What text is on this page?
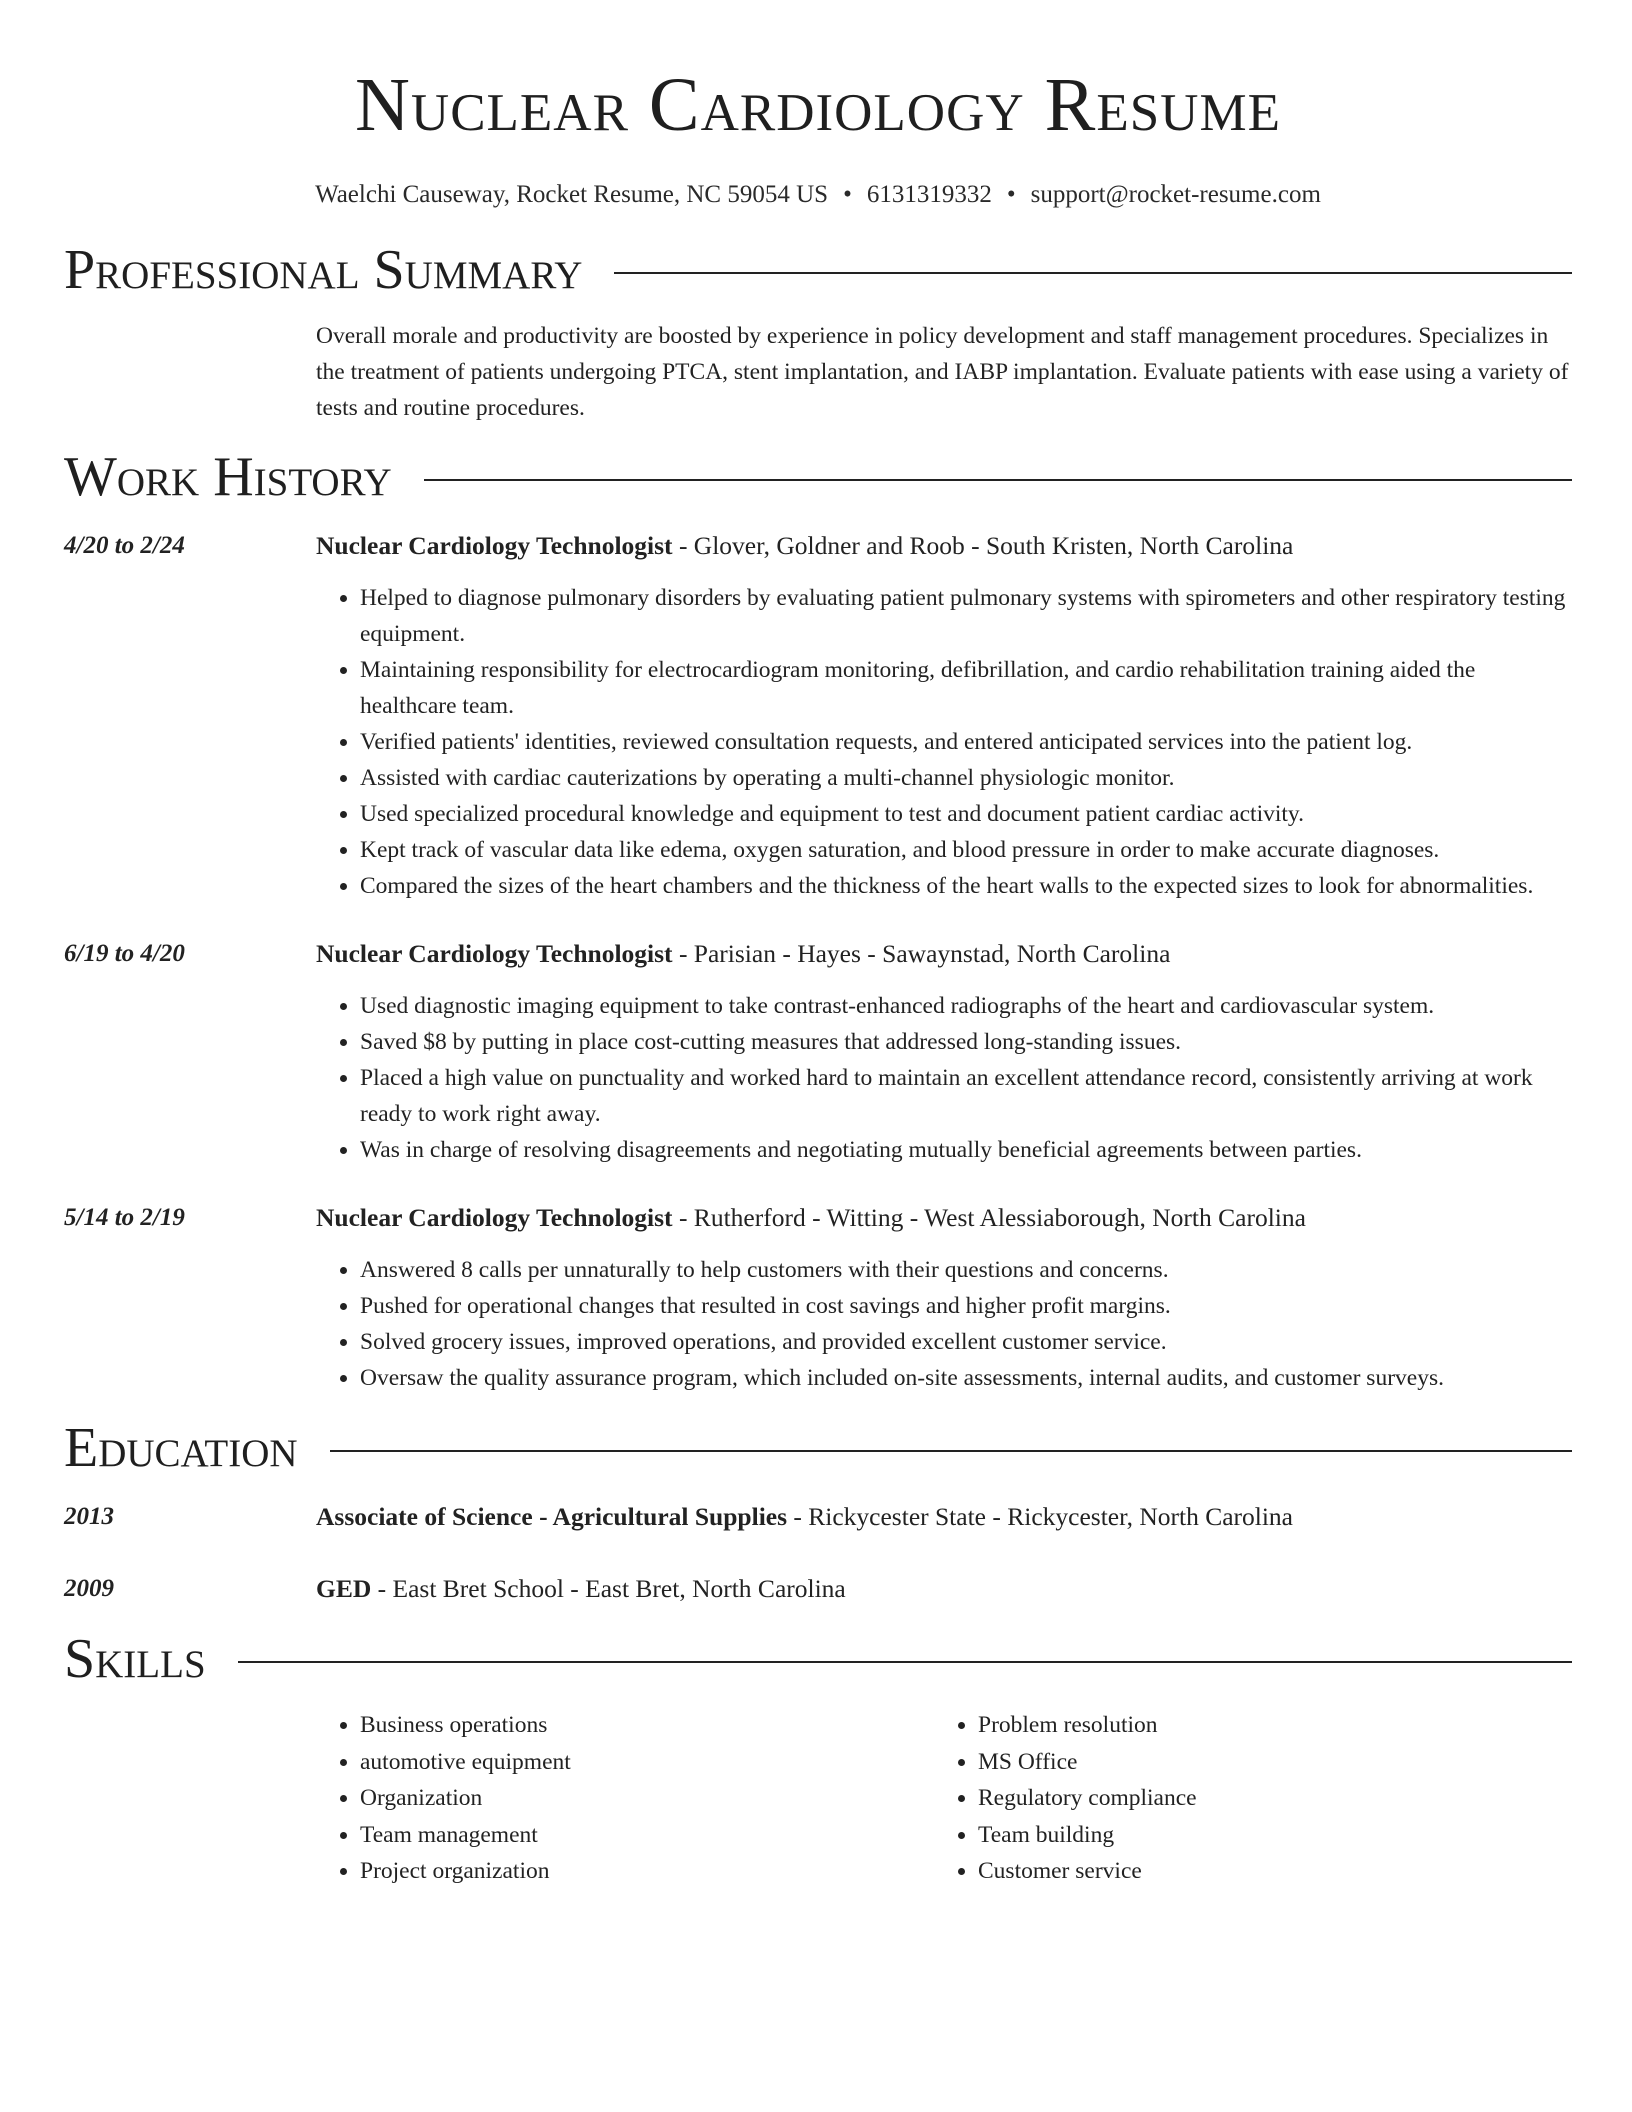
Nuclear Cardiology Resume
Waelchi Causeway, Rocket Resume, NC 59054 US • 6131319332 • support@rocket-resume.com
Professional Summary
Overall morale and productivity are boosted by experience in policy development and staff management procedures. Specializes in the treatment of patients undergoing PTCA, stent implantation, and IABP implantation. Evaluate patients with ease using a variety of tests and routine procedures.
Work History
4/20 to 2/24	Nuclear Cardiology Technologist - Glover, Goldner and Roob - South Kristen, North Carolina
• Helped to diagnose pulmonary disorders by evaluating patient pulmonary systems with spirometers and other respiratory testing equipment.
• Maintaining responsibility for electrocardiogram monitoring, defibrillation, and cardio rehabilitation training aided the healthcare team.
• Verified patients' identities, reviewed consultation requests, and entered anticipated services into the patient log.
• Assisted with cardiac cauterizations by operating a multi-channel physiologic monitor.
• Used specialized procedural knowledge and equipment to test and document patient cardiac activity.
• Kept track of vascular data like edema, oxygen saturation, and blood pressure in order to make accurate diagnoses.
• Compared the sizes of the heart chambers and the thickness of the heart walls to the expected sizes to look for abnormalities.
6/19 to 4/20	Nuclear Cardiology Technologist - Parisian - Hayes - Sawaynstad, North Carolina
• Used diagnostic imaging equipment to take contrast-enhanced radiographs of the heart and cardiovascular system.
• Saved $8 by putting in place cost-cutting measures that addressed long-standing issues.
• Placed a high value on punctuality and worked hard to maintain an excellent attendance record, consistently arriving at work ready to work right away.
• Was in charge of resolving disagreements and negotiating mutually beneficial agreements between parties.
5/14 to 2/19	Nuclear Cardiology Technologist - Rutherford - Witting - West Alessiaborough, North Carolina
• Answered 8 calls per unnaturally to help customers with their questions and concerns.
• Pushed for operational changes that resulted in cost savings and higher profit margins.
• Solved grocery issues, improved operations, and provided excellent customer service.
• Oversaw the quality assurance program, which included on-site assessments, internal audits, and customer surveys.
Education
2013	Associate of Science - Agricultural Supplies - Rickycester State - Rickycester, North Carolina
2009	GED - East Bret School - East Bret, North Carolina
Skills
• Business operations
• automotive equipment
• Organization
• Team management
• Project organization
• Problem resolution
• MS Office
• Regulatory compliance
• Team building
• Customer service
